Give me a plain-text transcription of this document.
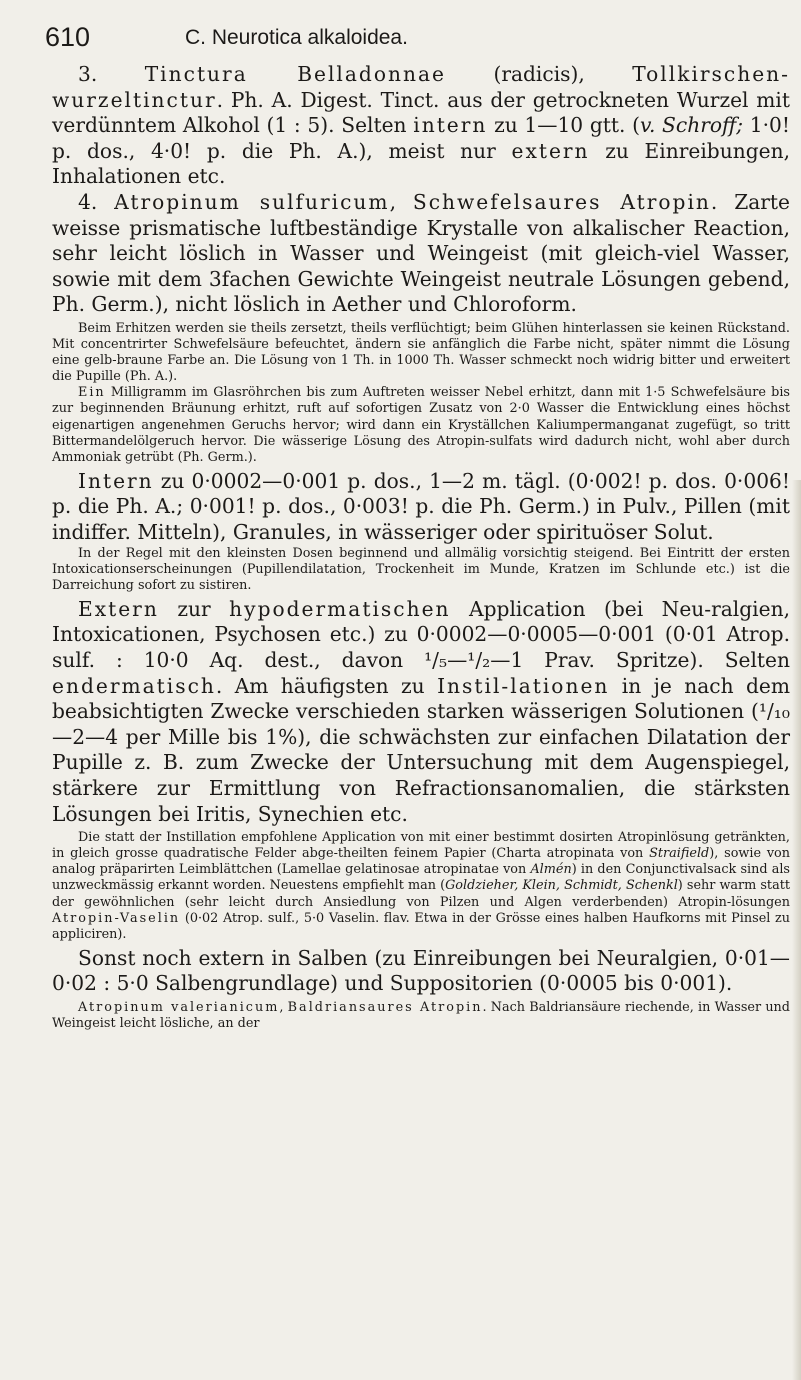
610	C. Neurotica alkaloidea.

3. Tinctura Belladonnae (radicis), Tollkirschen-wurzeltinctur. Ph. A. Digest. Tinct. aus der getrockneten Wurzel mit verdünntem Alkohol (1 : 5). Selten intern zu 1—10 gtt. (v. Schroff; 1·0! p. dos., 4·0! p. die Ph. A.), meist nur extern zu Einreibungen, Inhalationen etc.

4. Atropinum sulfuricum, Schwefelsaures Atropin. Zarte weisse prismatische luftbeständige Krystalle von alkalischer Reaction, sehr leicht löslich in Wasser und Weingeist (mit gleich-viel Wasser, sowie mit dem 3fachen Gewichte Weingeist neutrale Lösungen gebend, Ph. Germ.), nicht löslich in Aether und Chloroform.

Beim Erhitzen werden sie theils zersetzt, theils verflüchtigt; beim Glühen hinterlassen sie keinen Rückstand. Mit concentrirter Schwefelsäure befeuchtet, ändern sie anfänglich die Farbe nicht, später nimmt die Lösung eine gelb-braune Farbe an. Die Lösung von 1 Th. in 1000 Th. Wasser schmeckt noch widrig bitter und erweitert die Pupille (Ph. A.).

Ein Milligramm im Glasröhrchen bis zum Auftreten weisser Nebel erhitzt, dann mit 1·5 Schwefelsäure bis zur beginnenden Bräunung erhitzt, ruft auf sofortigen Zusatz von 2·0 Wasser die Entwicklung eines höchst eigenartigen angenehmen Geruchs hervor; wird dann ein Kryställchen Kaliumpermanganat zugefügt, so tritt Bittermandelölgeruch hervor. Die wässerige Lösung des Atropin-sulfats wird dadurch nicht, wohl aber durch Ammoniak getrübt (Ph. Germ.).

Intern zu 0·0002—0·001 p. dos., 1—2 m. tägl. (0·002! p. dos. 0·006! p. die Ph. A.; 0·001! p. dos., 0·003! p. die Ph. Germ.) in Pulv., Pillen (mit indiffer. Mitteln), Granules, in wässeriger oder spirituöser Solut.

In der Regel mit den kleinsten Dosen beginnend und allmälig vorsichtig steigend. Bei Eintritt der ersten Intoxicationserscheinungen (Pupillendilatation, Trockenheit im Munde, Kratzen im Schlunde etc.) ist die Darreichung sofort zu sistiren.

Extern zur hypodermatischen Application (bei Neu-ralgien, Intoxicationen, Psychosen etc.) zu 0·0002—0·0005—0·001 (0·01 Atrop. sulf. : 10·0 Aq. dest., davon ¹/₅—¹/₂—1 Prav. Spritze). Selten endermatisch. Am häufigsten zu Instil-lationen in je nach dem beabsichtigten Zwecke verschieden starken wässerigen Solutionen (¹/₁₀—2—4 per Mille bis 1%), die schwächsten zur einfachen Dilatation der Pupille z. B. zum Zwecke der Untersuchung mit dem Augenspiegel, stärkere zur Ermittlung von Refractionsanomalien, die stärksten Lösungen bei Iritis, Synechien etc.

Die statt der Instillation empfohlene Application von mit einer bestimmt dosirten Atropinlösung getränkten, in gleich grosse quadratische Felder abge-theilten feinem Papier (Charta atropinata von Straifield), sowie von analog präparirten Leimblättchen (Lamellae gelatinosae atropinatae von Almén) in den Conjunctivalsack sind als unzweckmässig erkannt worden. Neuestens empfiehlt man (Goldzieher, Klein, Schmidt, Schenkl) sehr warm statt der gewöhnlichen (sehr leicht durch Ansiedlung von Pilzen und Algen verderbenden) Atropin-lösungen Atropin-Vaselin (0·02 Atrop. sulf., 5·0 Vaselin. flav. Etwa in der Grösse eines halben Haufkorns mit Pinsel zu appliciren).

Sonst noch extern in Salben (zu Einreibungen bei Neuralgien, 0·01—0·02 : 5·0 Salbengrundlage) und Suppositorien (0·0005 bis 0·001).

Atropinum valerianicum, Baldriansaures Atropin. Nach Baldriansäure riechende, in Wasser und Weingeist leicht lösliche, an der
